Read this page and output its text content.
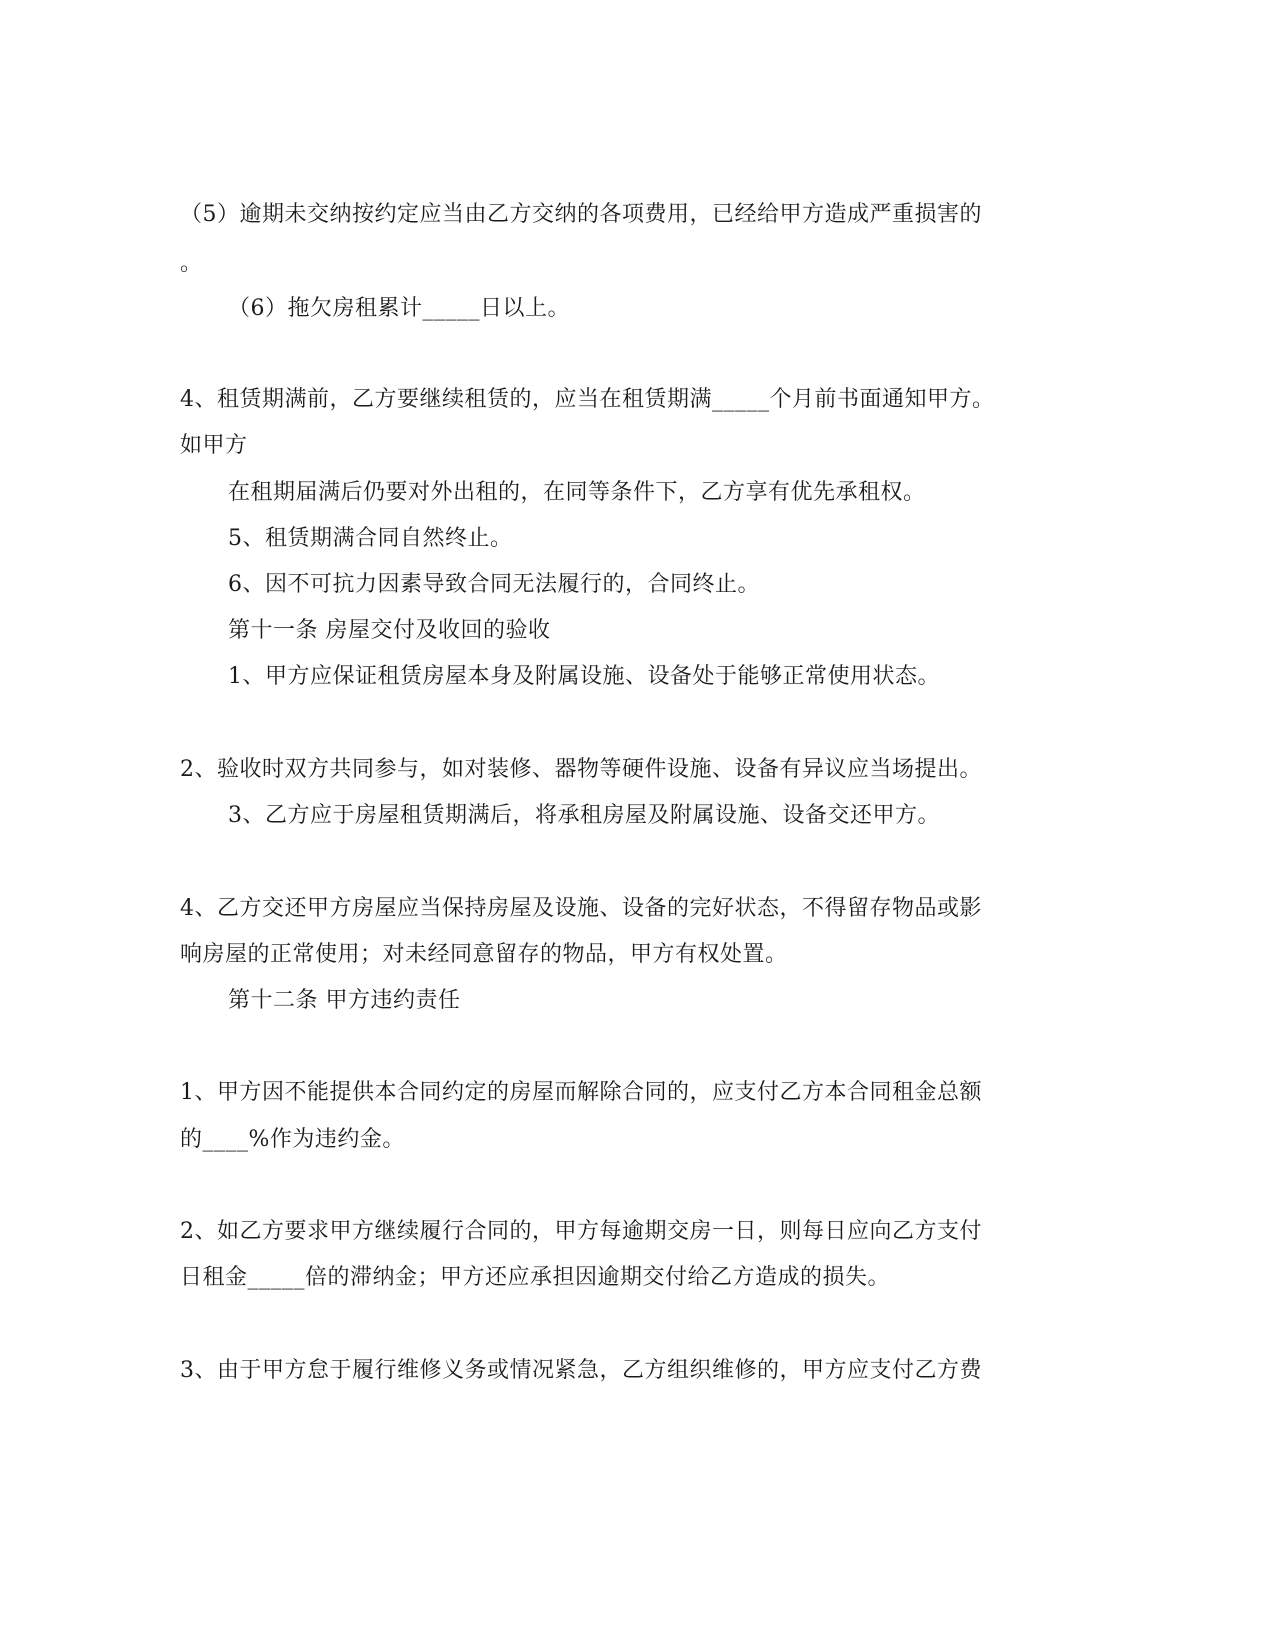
（5）逾期未交纳按约定应当由乙方交纳的各项费用，已经给甲方造成严重损害的

。

（6）拖欠房租累计_____日以上。

4、租赁期满前，乙方要继续租赁的，应当在租赁期满_____个月前书面通知甲方。

如甲方

在租期届满后仍要对外出租的，在同等条件下，乙方享有优先承租权。

5、租赁期满合同自然终止。

6、因不可抗力因素导致合同无法履行的，合同终止。

第十一条 房屋交付及收回的验收

1、甲方应保证租赁房屋本身及附属设施、设备处于能够正常使用状态。

2、验收时双方共同参与，如对装修、器物等硬件设施、设备有异议应当场提出。

3、乙方应于房屋租赁期满后，将承租房屋及附属设施、设备交还甲方。

4、乙方交还甲方房屋应当保持房屋及设施、设备的完好状态，不得留存物品或影

响房屋的正常使用；对未经同意留存的物品，甲方有权处置。

第十二条 甲方违约责任

1、甲方因不能提供本合同约定的房屋而解除合同的，应支付乙方本合同租金总额

的____%作为违约金。

2、如乙方要求甲方继续履行合同的，甲方每逾期交房一日，则每日应向乙方支付

日租金_____倍的滞纳金；甲方还应承担因逾期交付给乙方造成的损失。

3、由于甲方怠于履行维修义务或情况紧急，乙方组织维修的，甲方应支付乙方费
